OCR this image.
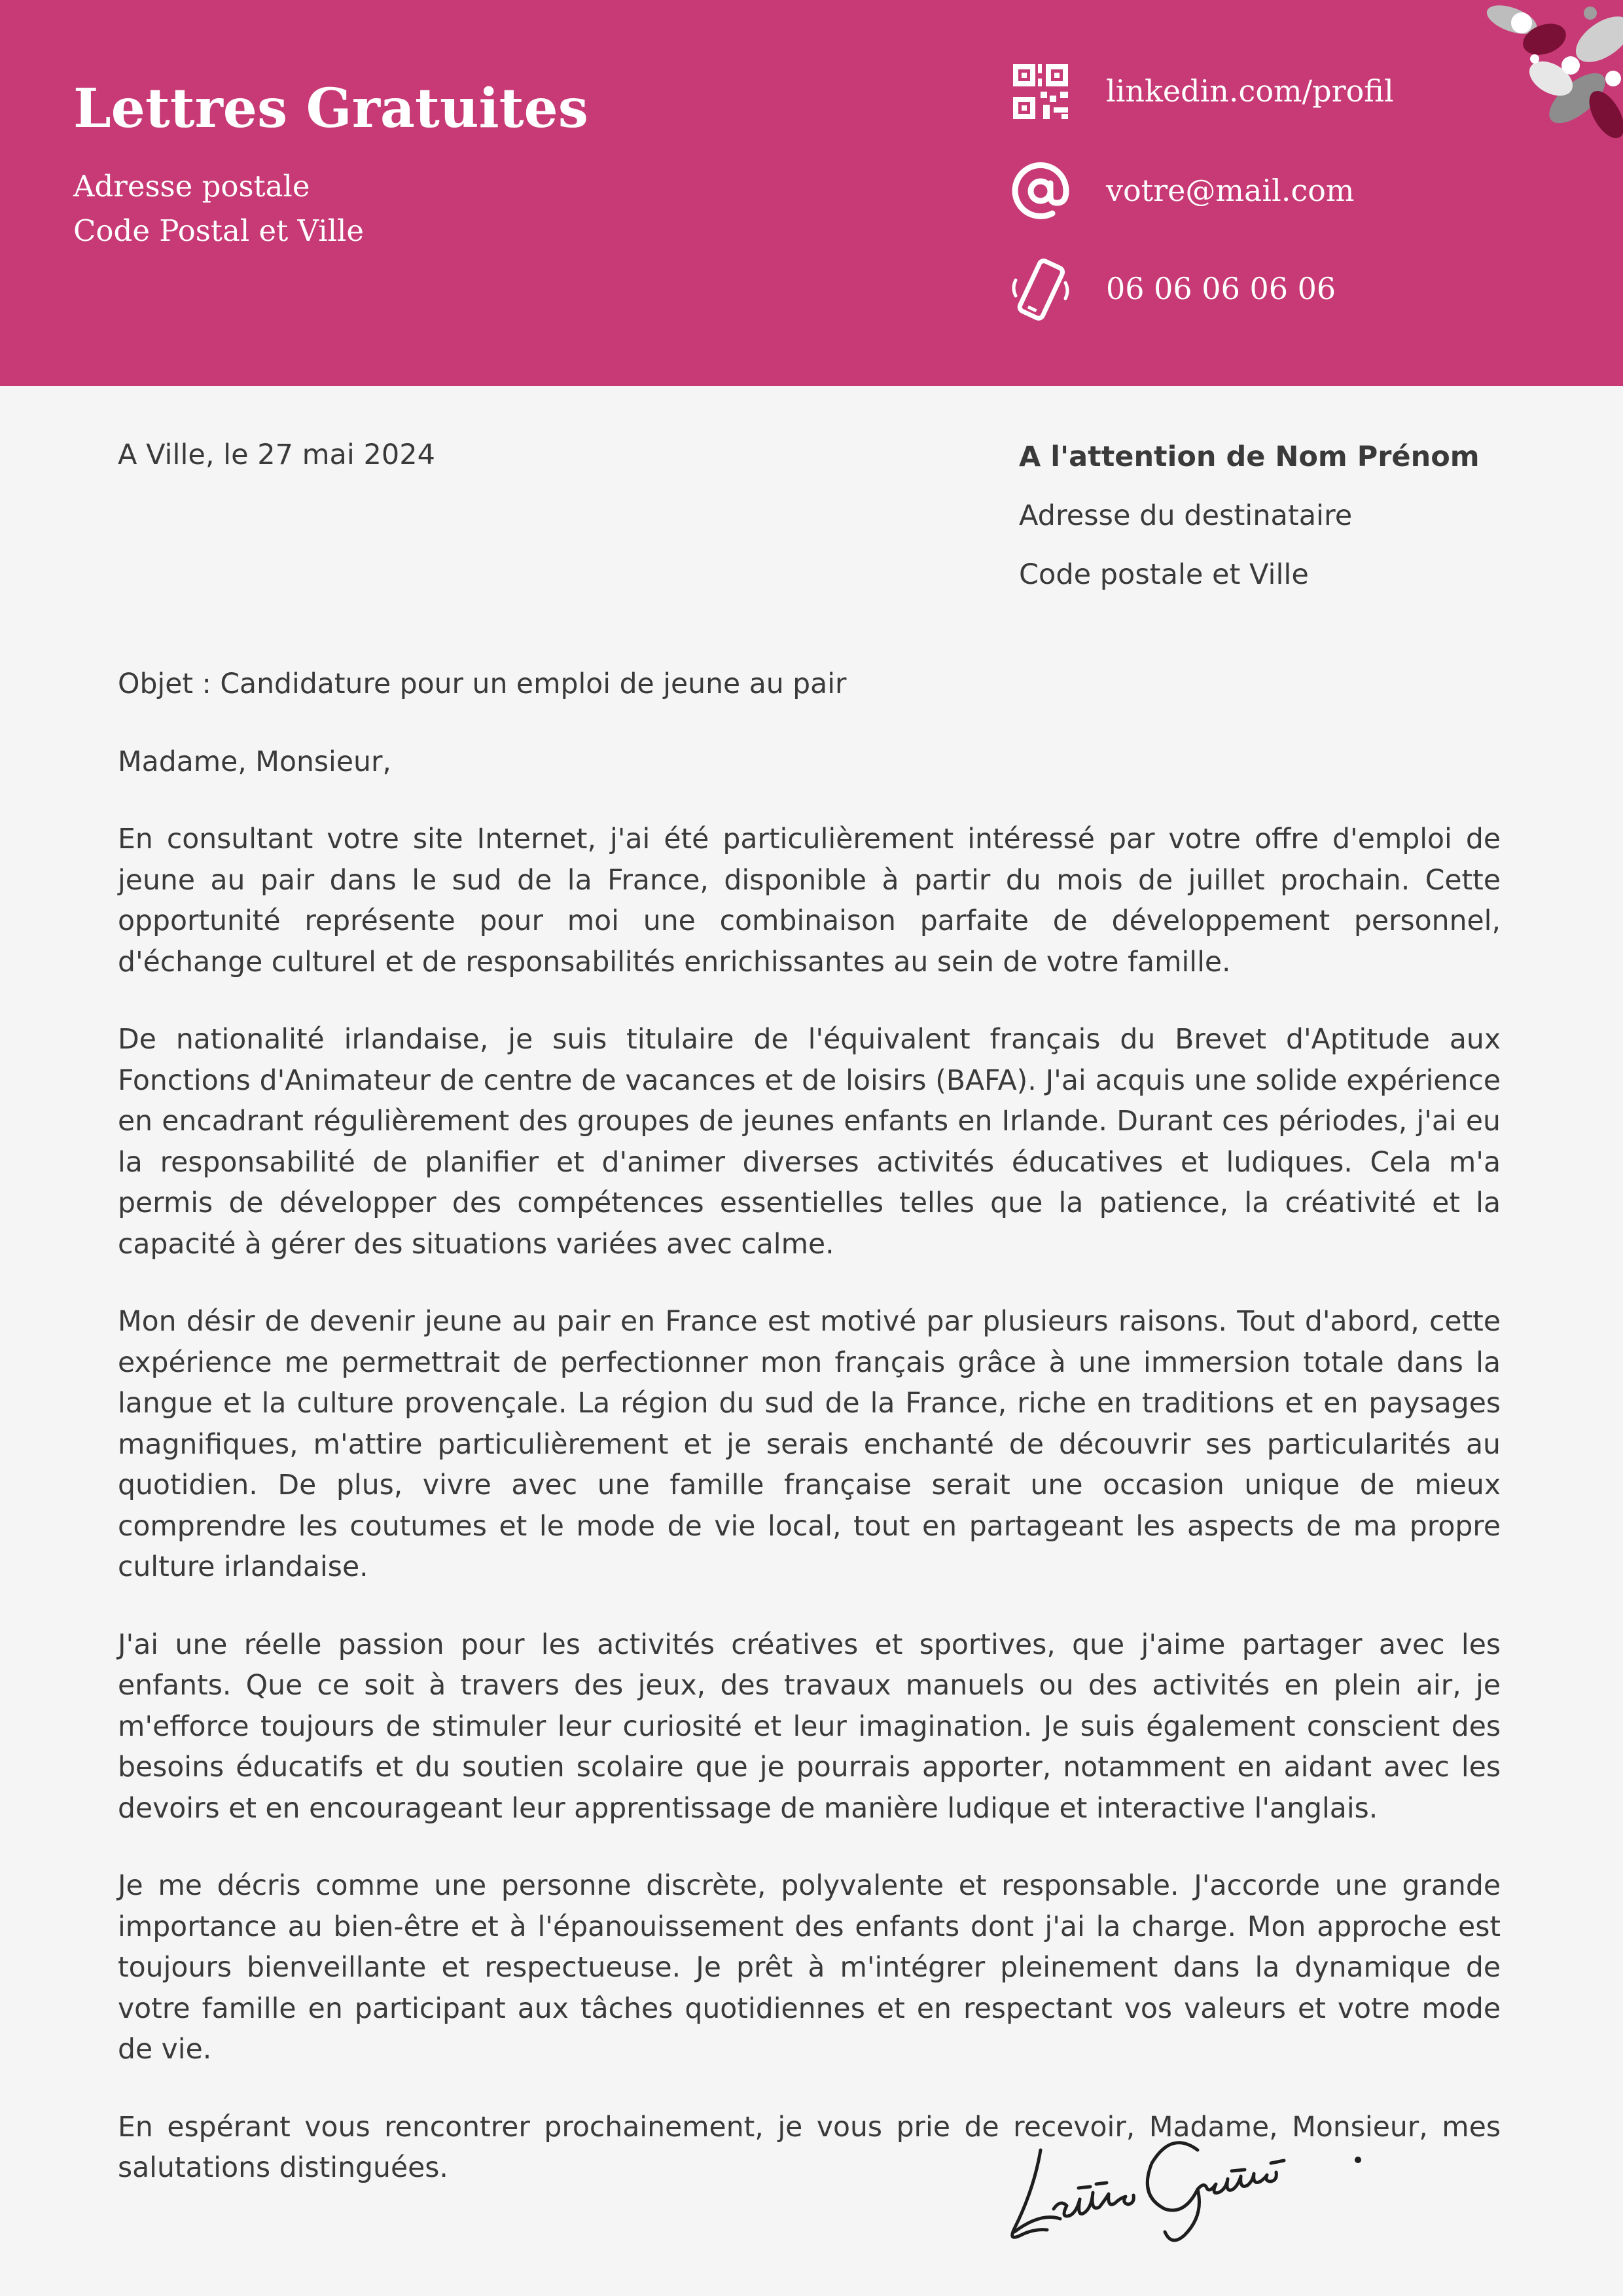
Lettres Gratuites
Adresse postale
Code Postal et Ville
linkedin.com/profil
votre@mail.com
06 06 06 06 06
A Ville, le 27 mai 2024	A l'attention de Nom Prénom
Adresse du destinataire
Code postale et Ville

Objet : Candidature pour un emploi de jeune au pair

Madame, Monsieur,

En consultant votre site Internet, j'ai été particulièrement intéressé par votre offre d'emploi de jeune au pair dans le sud de la France, disponible à partir du mois de juillet prochain. Cette opportunité représente pour moi une combinaison parfaite de développement personnel, d'échange culturel et de responsabilités enrichissantes au sein de votre famille.

De nationalité irlandaise, je suis titulaire de l'équivalent français du Brevet d'Aptitude aux Fonctions d'Animateur de centre de vacances et de loisirs (BAFA). J'ai acquis une solide expérience en encadrant régulièrement des groupes de jeunes enfants en Irlande. Durant ces périodes, j'ai eu la responsabilité de planifier et d'animer diverses activités éducatives et ludiques. Cela m'a permis de développer des compétences essentielles telles que la patience, la créativité et la capacité à gérer des situations variées avec calme.

Mon désir de devenir jeune au pair en France est motivé par plusieurs raisons. Tout d'abord, cette expérience me permettrait de perfectionner mon français grâce à une immersion totale dans la langue et la culture provençale. La région du sud de la France, riche en traditions et en paysages magnifiques, m'attire particulièrement et je serais enchanté de découvrir ses particularités au quotidien. De plus, vivre avec une famille française serait une occasion unique de mieux comprendre les coutumes et le mode de vie local, tout en partageant les aspects de ma propre culture irlandaise.

J'ai une réelle passion pour les activités créatives et sportives, que j'aime partager avec les enfants. Que ce soit à travers des jeux, des travaux manuels ou des activités en plein air, je m'efforce toujours de stimuler leur curiosité et leur imagination. Je suis également conscient des besoins éducatifs et du soutien scolaire que je pourrais apporter, notamment en aidant avec les devoirs et en encourageant leur apprentissage de manière ludique et interactive l'anglais.

Je me décris comme une personne discrète, polyvalente et responsable. J'accorde une grande importance au bien-être et à l'épanouissement des enfants dont j'ai la charge. Mon approche est toujours bienveillante et respectueuse. Je prêt à m'intégrer pleinement dans la dynamique de votre famille en participant aux tâches quotidiennes et en respectant vos valeurs et votre mode de vie.

En espérant vous rencontrer prochainement, je vous prie de recevoir, Madame, Monsieur, mes salutations distinguées.
